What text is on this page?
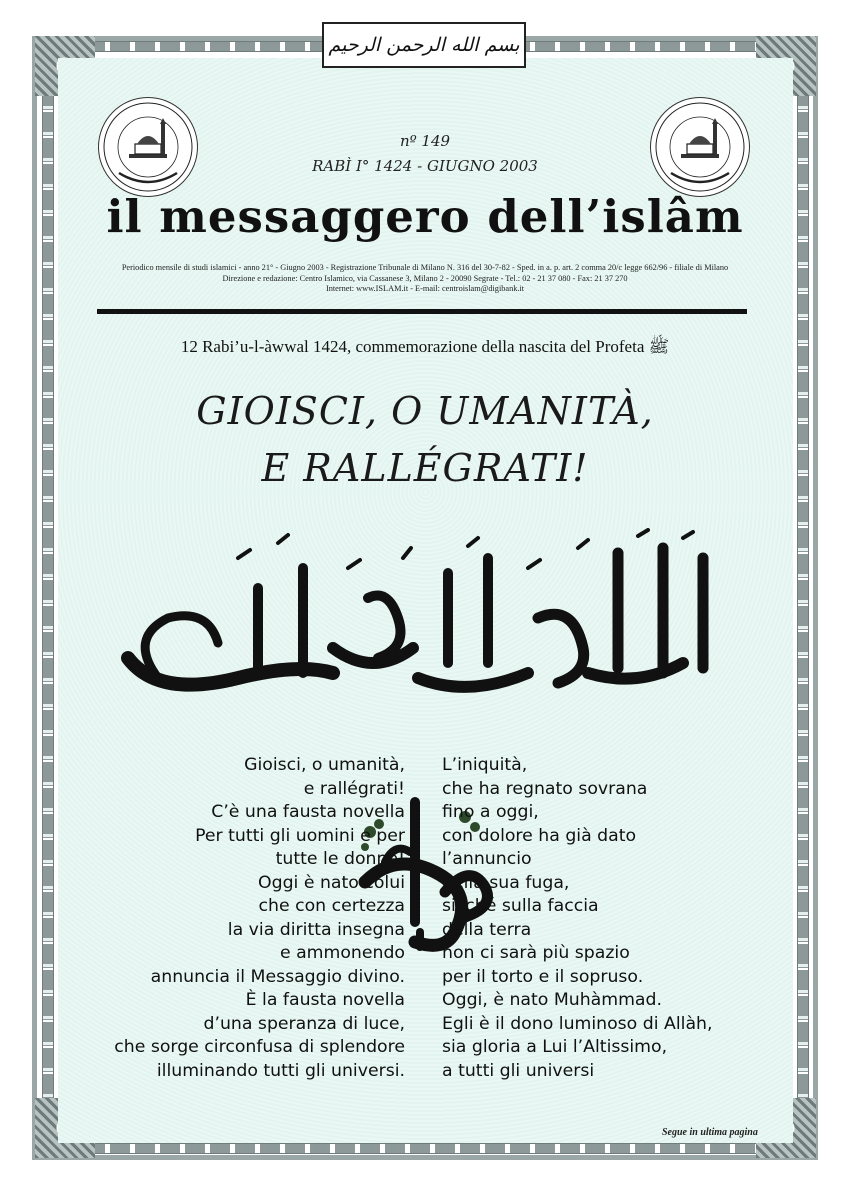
بسم الله الرحمن الرحيم
nº 149
RABÌ I° 1424 - GIUGNO 2003
il messaggero dell’islâm
Periodico mensile di studi islamici - anno 21° - Giugno 2003 - Registrazione Tribunale di Milano N. 316 del 30-7-82 - Sped. in a. p. art. 2 comma 20/c legge 662/96 - filiale di Milano
Direzione e redazione: Centro Islamico, via Cassanese 3, Milano 2 - 20090 Segrate - Tel.: 02 - 21 37 080 - Fax: 21 37 270
Internet: www.ISLAM.it - E-mail: centroislam@digibank.it
12 Rabi’u-l-àwwal 1424, commemorazione della nascita del Profeta ﷺ
GIOISCI, O UMANITÀ,
E RALLÉGRATI!
Gioisci, o umanità,
e rallégrati!
C’è una fausta novella
Per tutti gli uomini e per
tutte le donne!
Oggi è nato colui
che con certezza
la via diritta insegna
e ammonendo
annuncia il Messaggio divino.
È la fausta novella
d’una speranza di luce,
che sorge circonfusa di splendore
illuminando tutti gli universi.
L’iniquità,
che ha regnato sovrana
fino a oggi,
con dolore ha già dato
l’annuncio
della sua fuga,
sicché sulla faccia
della terra
non ci sarà più spazio
per il torto e il sopruso.
Oggi, è nato Muhàmmad.
Egli è il dono luminoso di Allàh,
sia gloria a Lui l’Altissimo,
a tutti gli universi
Segue in ultima pagina
